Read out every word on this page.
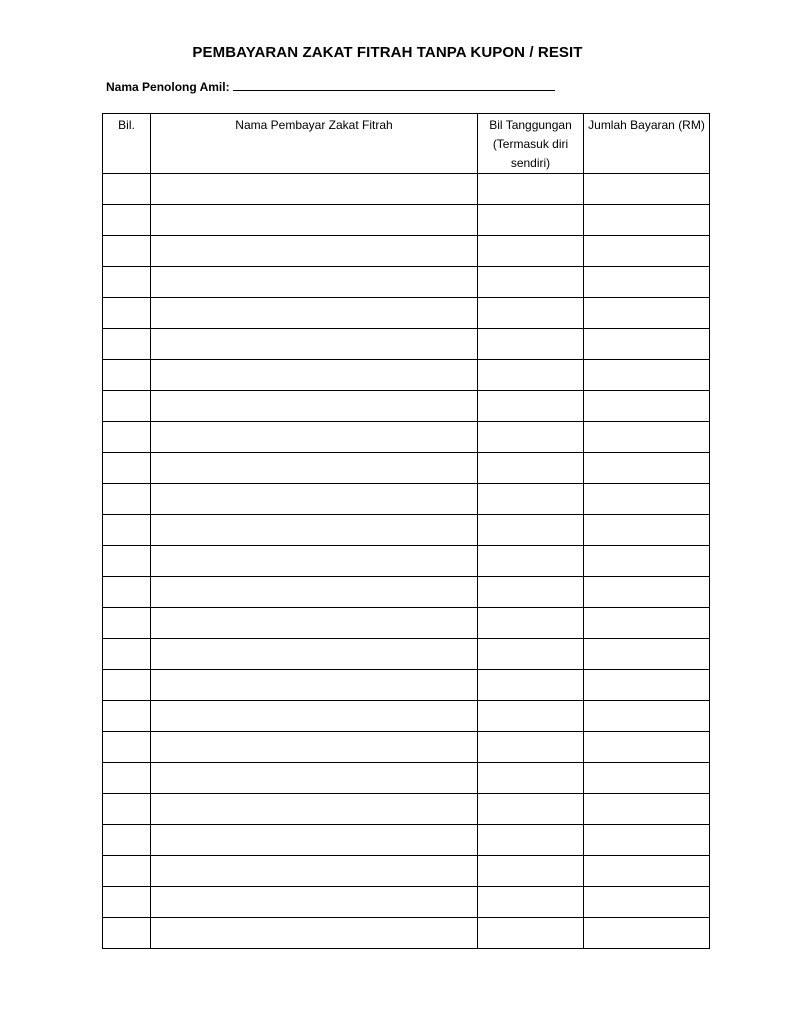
PEMBAYARAN ZAKAT FITRAH TANPA KUPON / RESIT
Nama Penolong Amil:
Bil.	Nama Pembayar Zakat Fitrah	Bil Tanggungan (Termasuk diri sendiri)	Jumlah Bayaran (RM)
